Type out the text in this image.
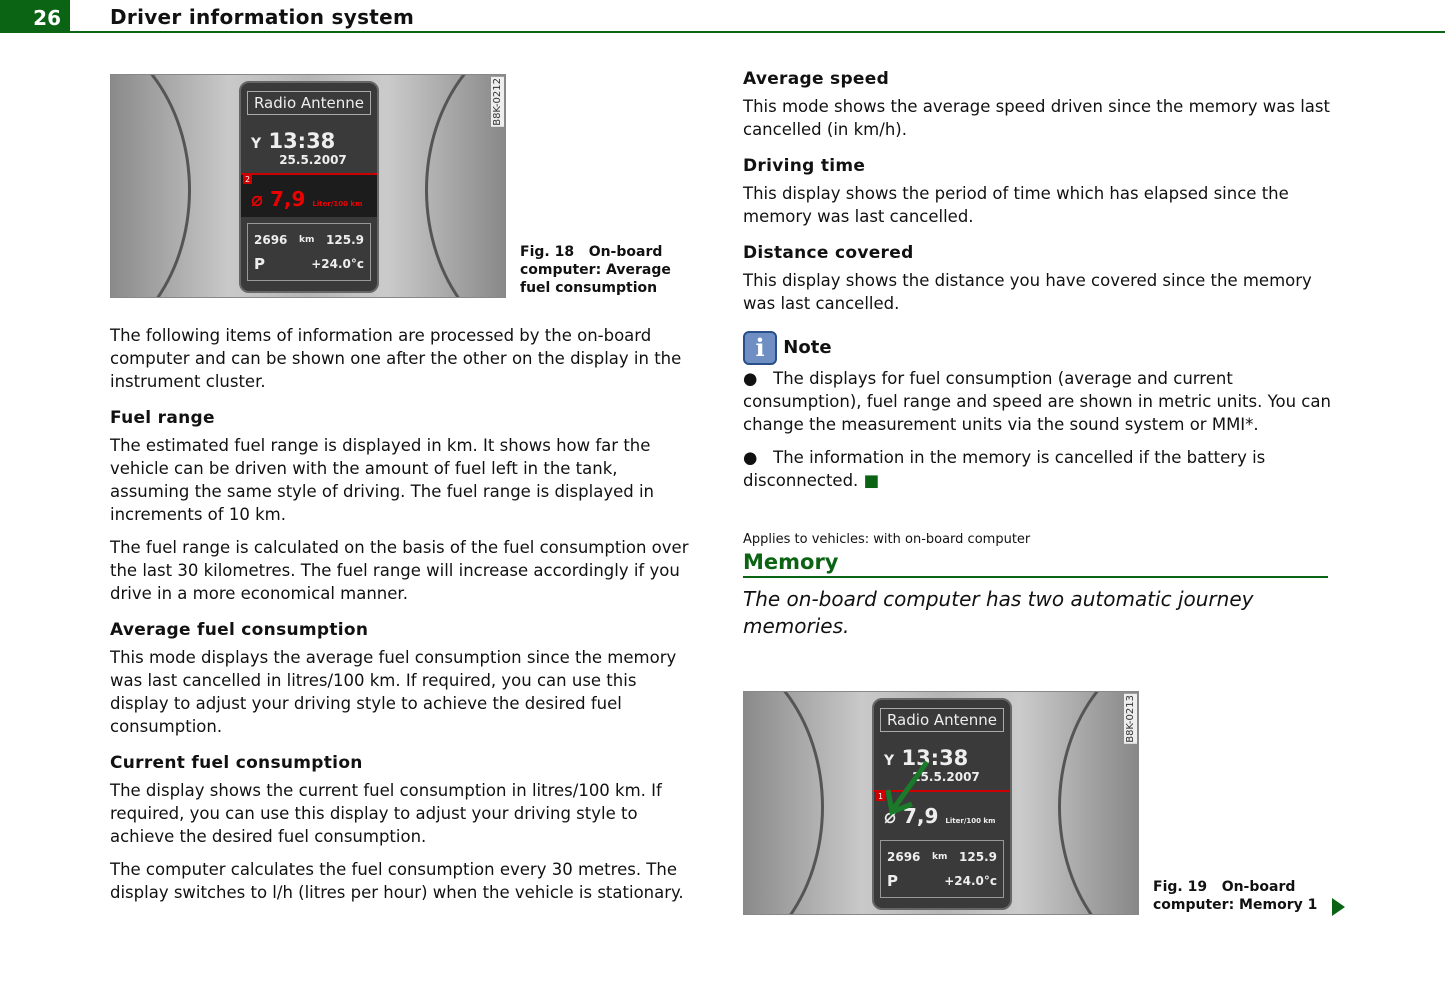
26	Driver information system
Radio Antenne
Y 13:38
25.5.2007
2
⌀ 7,9 Liter/100 km
2696 km 125.9
P	+24.0°c
B8K-0212
Fig. 18 On-board computer: Average fuel consumption

The following items of information are processed by the on-board computer and can be shown one after the other on the display in the instrument cluster.

Fuel range

The estimated fuel range is displayed in km. It shows how far the vehicle can be driven with the amount of fuel left in the tank, assuming the same style of driving. The fuel range is displayed in increments of 10 km.

The fuel range is calculated on the basis of the fuel consumption over the last 30 kilometres. The fuel range will increase accordingly if you drive in a more economical manner.

Average fuel consumption

This mode displays the average fuel consumption since the memory was last cancelled in litres/100 km. If required, you can use this display to adjust your driving style to achieve the desired fuel consumption.

Current fuel consumption

The display shows the current fuel consumption in litres/100 km. If required, you can use this display to adjust your driving style to achieve the desired fuel consumption.

The computer calculates the fuel consumption every 30 metres. The display switches to l/h (litres per hour) when the vehicle is stationary.

Average speed

This mode shows the average speed driven since the memory was last cancelled (in km/h).

Driving time

This display shows the period of time which has elapsed since the memory was last cancelled.

Distance covered

This display shows the distance you have covered since the memory was last cancelled.

i Note

●   The displays for fuel consumption (average and current consumption), fuel range and speed are shown in metric units. You can change the measurement units via the sound system or MMI*.

●   The information in the memory is cancelled if the battery is disconnected. ■

Applies to vehicles: with on-board computer
Memory
The on-board computer has two automatic journey memories.
Radio Antenne
Y 13:38
25.5.2007
1
⌀ 7,9 Liter/100 km
2696 km 125.9
P	+24.0°c
B8K-0213
Fig. 19 On-board computer: Memory 1
